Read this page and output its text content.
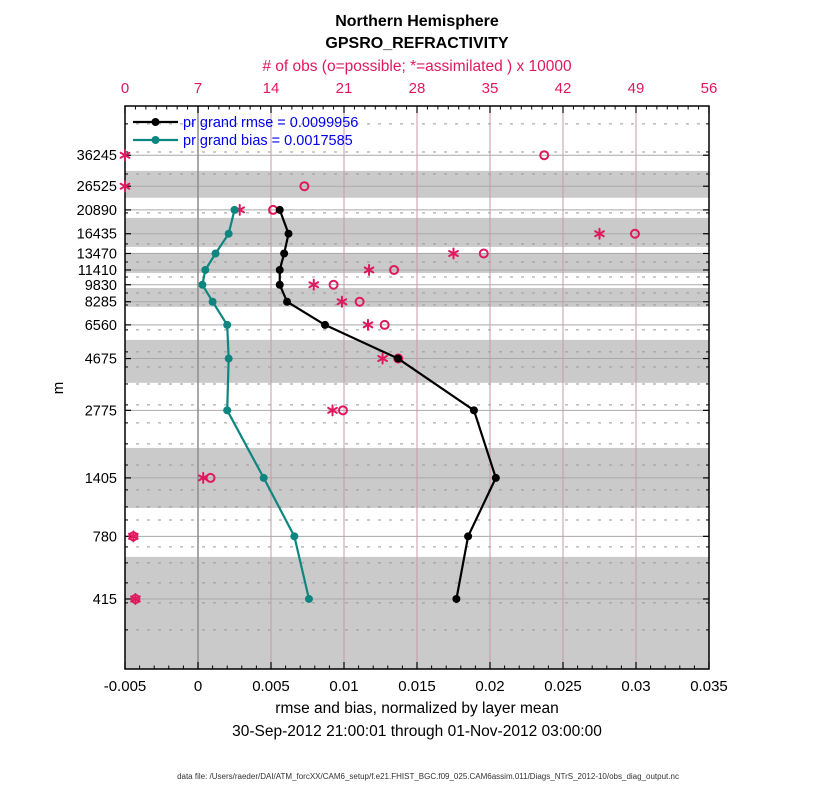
-0.005	0	0.005	0.01	0.015	0.02	0.025	0.03	0.035
0	7	14	21	28	35	42	49	56
36245
26525
20890
16435
13470
11410
9830
8285
6560
4675
2775
1405
780
415
pr grand rmse = 0.0099956
pr grand bias = 0.0017585
Northern Hemisphere
GPSRO_REFRACTIVITY
# of obs (o=possible; *=assimilated ) x 10000
rmse and bias, normalized by layer mean
30-Sep-2012 21:00:01 through 01-Nov-2012 03:00:00
m
data file: /Users/raeder/DAI/ATM_forcXX/CAM6_setup/f.e21.FHIST_BGC.f09_025.CAM6assim.011/Diags_NTrS_2012-10/obs_diag_output.nc
